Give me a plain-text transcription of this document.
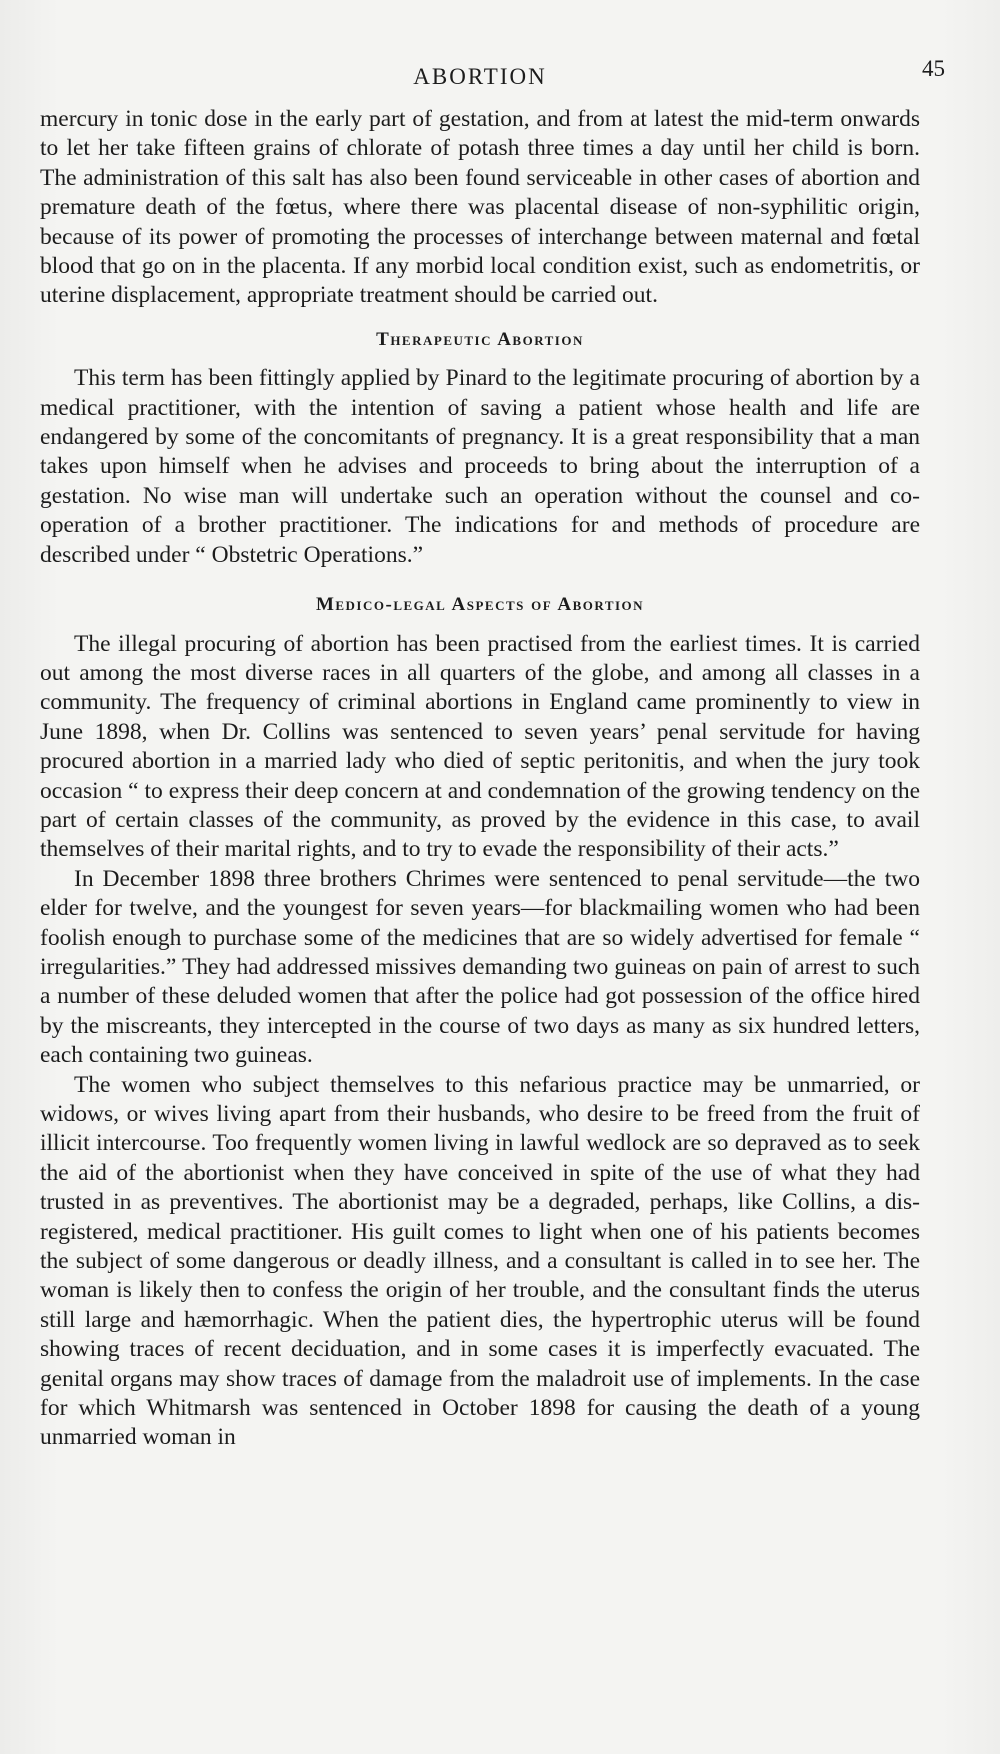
ABORTION	45

mercury in tonic dose in the early part of gestation, and from at latest the mid-term onwards to let her take fifteen grains of chlorate of potash three times a day until her child is born. The administration of this salt has also been found serviceable in other cases of abortion and premature death of the fœtus, where there was placental disease of non-syphilitic origin, because of its power of promoting the processes of interchange between maternal and fœtal blood that go on in the placenta. If any morbid local condition exist, such as endometritis, or uterine displacement, appropriate treatment should be carried out.

Therapeutic Abortion

This term has been fittingly applied by Pinard to the legitimate procuring of abortion by a medical practitioner, with the intention of saving a patient whose health and life are endangered by some of the concomitants of pregnancy. It is a great responsibility that a man takes upon himself when he advises and proceeds to bring about the interruption of a gestation. No wise man will undertake such an operation without the counsel and co-operation of a brother practitioner. The indications for and methods of procedure are described under “ Obstetric Operations.”

Medico-legal Aspects of Abortion

The illegal procuring of abortion has been practised from the earliest times. It is carried out among the most diverse races in all quarters of the globe, and among all classes in a community. The frequency of criminal abortions in England came prominently to view in June 1898, when Dr. Collins was sentenced to seven years’ penal servitude for having procured abortion in a married lady who died of septic peritonitis, and when the jury took occasion “ to express their deep concern at and condemnation of the growing tendency on the part of certain classes of the community, as proved by the evidence in this case, to avail themselves of their marital rights, and to try to evade the responsibility of their acts.”

In December 1898 three brothers Chrimes were sentenced to penal servitude—the two elder for twelve, and the youngest for seven years—for blackmailing women who had been foolish enough to purchase some of the medicines that are so widely advertised for female “ irregularities.” They had addressed missives demanding two guineas on pain of arrest to such a number of these deluded women that after the police had got possession of the office hired by the miscreants, they intercepted in the course of two days as many as six hundred letters, each containing two guineas.

The women who subject themselves to this nefarious practice may be unmarried, or widows, or wives living apart from their husbands, who desire to be freed from the fruit of illicit intercourse. Too frequently women living in lawful wedlock are so depraved as to seek the aid of the abortionist when they have conceived in spite of the use of what they had trusted in as preventives. The abortionist may be a degraded, perhaps, like Collins, a dis-registered, medical practitioner. His guilt comes to light when one of his patients becomes the subject of some dangerous or deadly illness, and a consultant is called in to see her. The woman is likely then to confess the origin of her trouble, and the consultant finds the uterus still large and hæmorrhagic. When the patient dies, the hypertrophic uterus will be found showing traces of recent deciduation, and in some cases it is imperfectly evacuated. The genital organs may show traces of damage from the maladroit use of implements. In the case for which Whitmarsh was sentenced in October 1898 for causing the death of a young unmarried woman in
